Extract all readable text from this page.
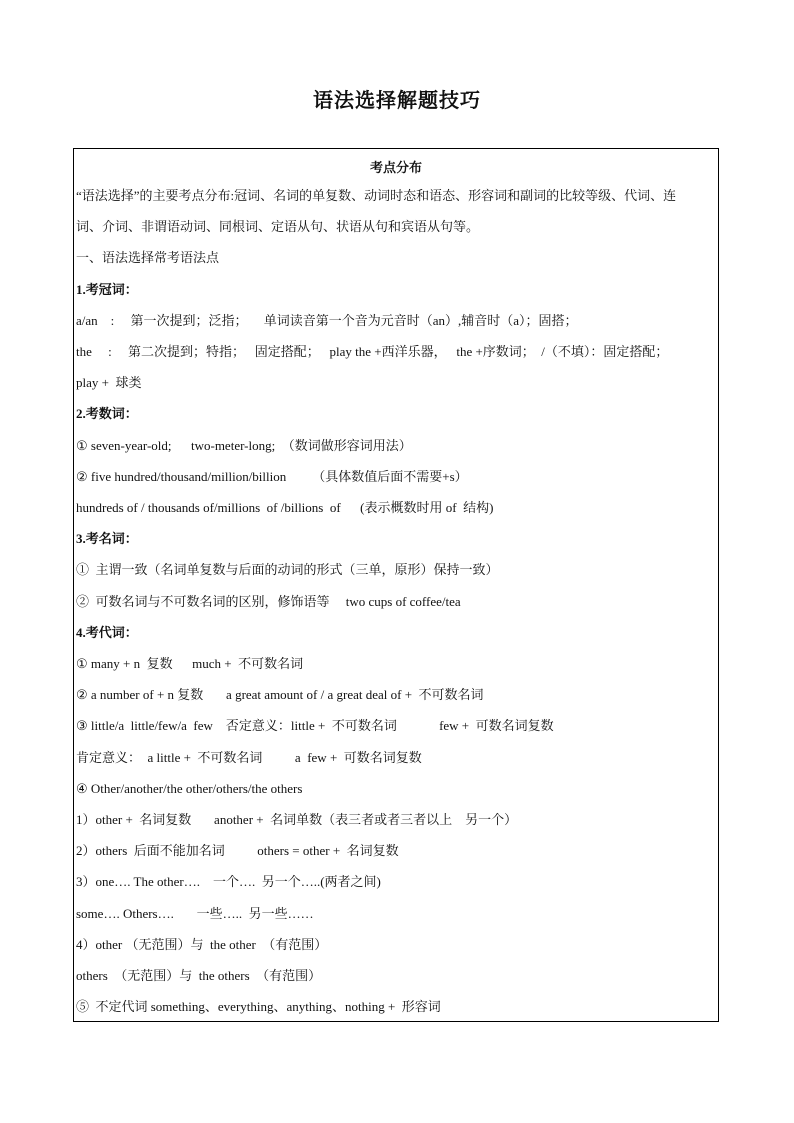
语法选择解题技巧
考点分布
“语法选择”的主要考点分布:冠词、名词的单复数、动词时态和语态、形容词和副词的比较等级、代词、连
词、介词、非谓语动词、同根词、定语从句、状语从句和宾语从句等。
一、语法选择常考语法点
1.考冠词：
a/an    :     第一次提到；泛指；     单词读音第一个音为元音时（an）,辅音时（a）；固搭；
the     :     第二次提到；特指；   固定搭配；   play the +西洋乐器，   the +序数词；  /（不填）：固定搭配；
play +  球类
2.考数词：
① seven-year-old;      two-meter-long;  （数词做形容词用法）
② five hundred/thousand/million/billion        （具体数值后面不需要+s）
hundreds of / thousands of/millions  of /billions  of      (表示概数时用 of  结构)
3.考名词：
①  主谓一致（名词单复数与后面的动词的形式（三单，原形）保持一致）
②  可数名词与不可数名词的区别，修饰语等     two cups of coffee/tea
4.考代词：
① many + n  复数      much +  不可数名词
② a number of + n 复数       a great amount of / a great deal of +  不可数名词
③ little/a  little/few/a  few    否定意义：little +  不可数名词             few +  可数名词复数
肯定意义：  a little +  不可数名词          a  few +  可数名词复数
④ Other/another/the other/others/the others
1）other +  名词复数       another +  名词单数（表三者或者三者以上    另一个）
2）others  后面不能加名词          others = other +  名词复数
3）one…. The other….    一个….  另一个…..(两者之间)
some…. Others….       一些…..  另一些……
4）other （无范围）与  the other  （有范围）
others  （无范围）与  the others  （有范围）
⑤  不定代词 something、everything、anything、nothing +  形容词
